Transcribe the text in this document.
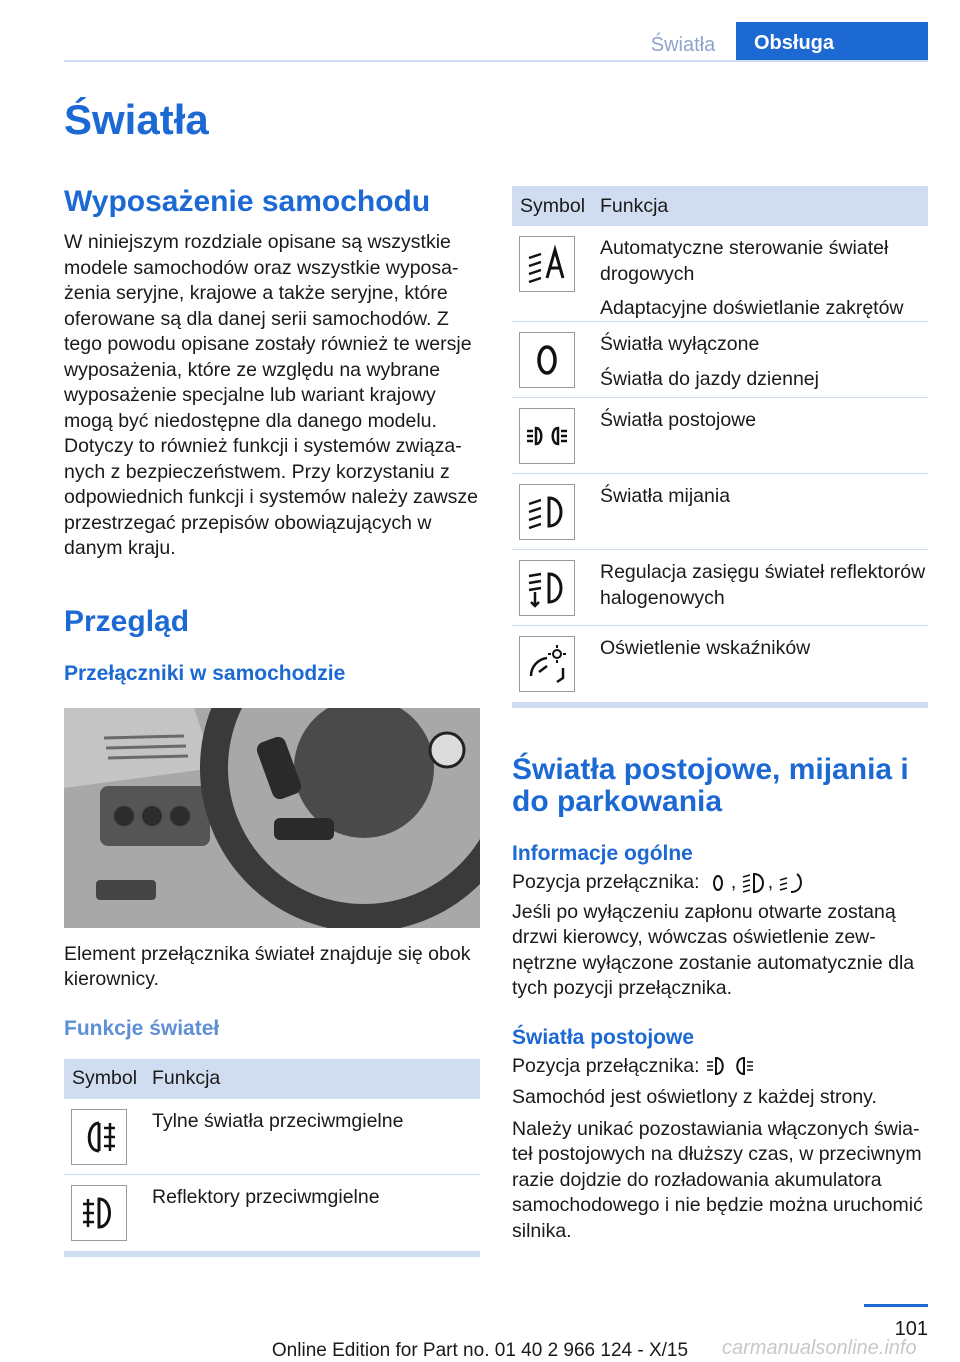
Światła	Obsługa
Światła
Wyposażenie samochodu
W niniejszym rozdziale opisane są wszystkie modele samochodów oraz wszystkie wyposażenia seryjne, krajowe a także seryjne, które oferowane są dla danej serii samochodów. Z tego powodu opisane zostały również te wersje wyposażenia, które ze względu na wybrane wyposażenie specjalne lub wariant krajowy mogą być niedostępne dla danego modelu. Dotyczy to również funkcji i systemów związanych z bezpieczeństwem. Przy korzystaniu z odpowiednich funkcji i systemów należy zawsze przestrzegać przepisów obowiązujących w danym kraju.
Przegląd
Przełączniki w samochodzie
Element przełącznika świateł znajduje się obok kierownicy.
Funkcje świateł
Symbol Funkcja
Tylne światła przeciwmgielne
Reflektory przeciwmgielne
Symbol Funkcja
Automatyczne sterowanie świateł drogowych
Adaptacyjne doświetlanie zakrętów
Światła wyłączone
Światła do jazdy dziennej
Światła postojowe
Światła mijania
Regulacja zasięgu świateł reflektorów halogenowych
Oświetlenie wskaźników
Światła postojowe, mijania i do parkowania
Informacje ogólne
Pozycja przełącznika: , ,
Jeśli po wyłączeniu zapłonu otwarte zostaną drzwi kierowcy, wówczas oświetlenie zewnętrzne wyłączone zostanie automatycznie dla tych pozycji przełącznika.
Światła postojowe
Pozycja przełącznika:
Samochód jest oświetlony z każdej strony.
Należy unikać pozostawiania włączonych świateł postojowych na dłuższy czas, w przeciwnym razie dojdzie do rozładowania akumulatora samochodowego i nie będzie można uruchomić silnika.
101
Online Edition for Part no. 01 40 2 966 124 - X/15	carmanualsonline.info
